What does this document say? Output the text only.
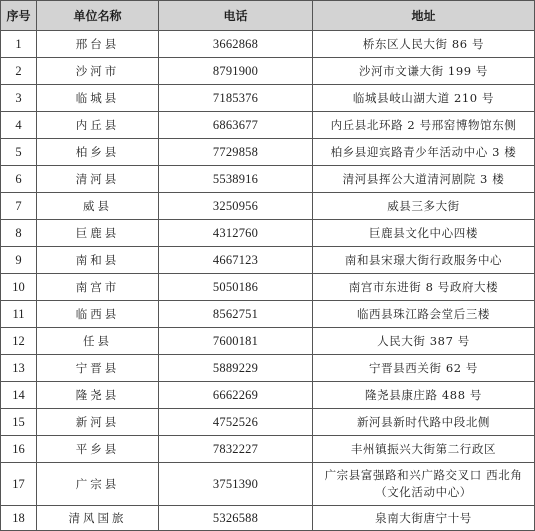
序号	单位名称	电话	地址
1	邢台县	3662868	桥东区人民大街 86 号
2	沙河市	8791900	沙河市文谦大街 199 号
3	临城县	7185376	临城县岐山湖大道 210 号
4	内丘县	6863677	内丘县北环路 2 号邢窑博物馆东侧
5	柏乡县	7729858	柏乡县迎宾路青少年活动中心 3 楼
6	清河县	5538916	清河县挥公大道清河剧院 3 楼
7	威县	3250956	威县三多大街
8	巨鹿县	4312760	巨鹿县文化中心四楼
9	南和县	4667123	南和县宋璟大街行政服务中心
10	南宫市	5050186	南宫市东进街 8 号政府大楼
11	临西县	8562751	临西县珠江路会堂后三楼
12	任县	7600181	人民大街 387 号
13	宁晋县	5889229	宁晋县西关街 62 号
14	隆尧县	6662269	隆尧县康庄路 488 号
15	新河县	4752526	新河县新时代路中段北侧
16	平乡县	7832227	丰州镇振兴大街第二行政区
17	广宗县	3751390	广宗县富强路和兴广路交叉口 西北角（文化活动中心）
18	清风国旅	5326588	泉南大街唐宁十号
